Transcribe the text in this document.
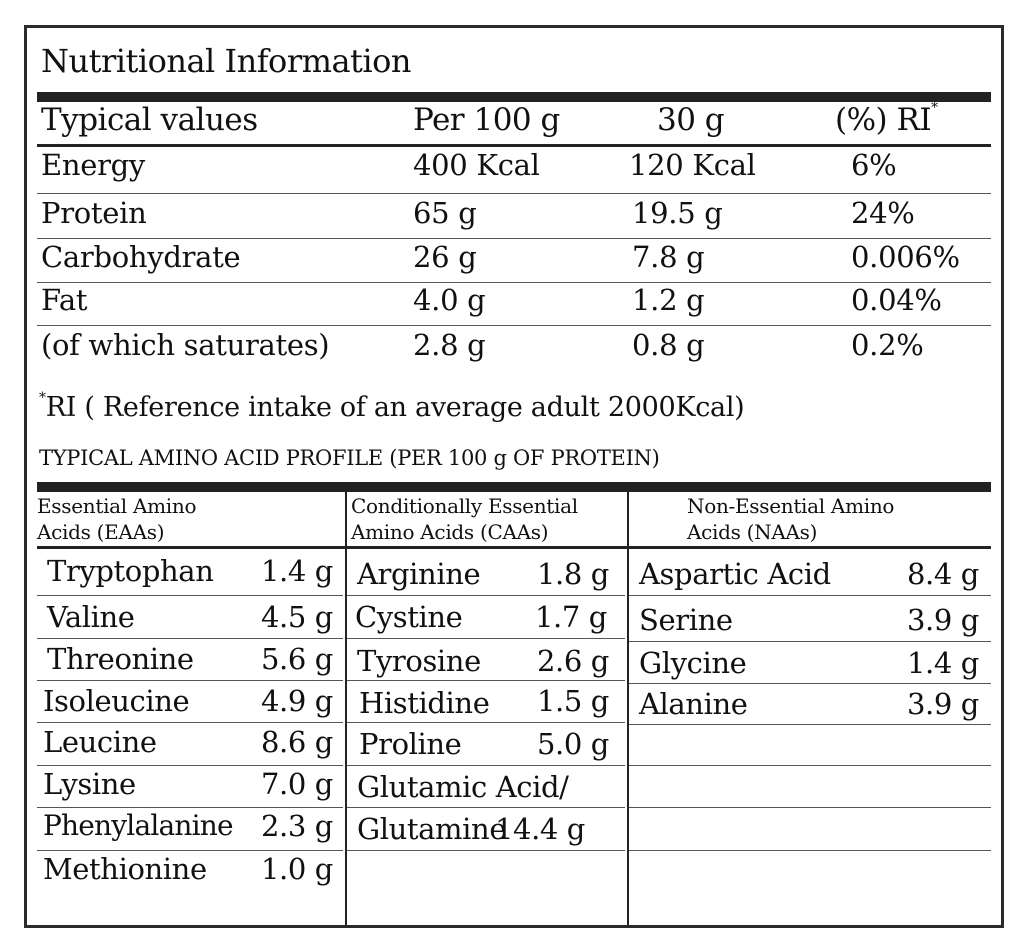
Nutritional Information
Typical values	Per 100 g	30 g	(%) RI*
Energy	400 Kcal	120 Kcal	6%
Protein	65 g	19.5 g	24%
Carbohydrate	26 g	7.8 g	0.006%
Fat	4.0 g	1.2 g	0.04%
(of which saturates)	2.8 g	0.8 g	0.2%
*RI ( Reference intake of an average adult 2000Kcal)
TYPICAL AMINO ACID PROFILE (PER 100 g OF PROTEIN)
Essential Amino Acids (EAAs)
Conditionally Essential Amino Acids (CAAs)
Non-Essential Amino Acids (NAAs)
Tryptophan 1.4 g
Valine	4.5 g
Threonine 5.6 g
Isoleucine 4.9 g
Leucine	8.6 g
Lysine	7.0 g
Phenylalanine 2.3 g
Methionine 1.0 g
Arginine 1.8 g
Cystine	1.7 g
Tyrosine 2.6 g
Histidine 1.5 g
Proline	5.0 g
Glutamic Acid/
Glutamine
14.4 g
Aspartic Acid	8.4 g
Serine	3.9 g
Glycine	1.4 g
Alanine	3.9 g
